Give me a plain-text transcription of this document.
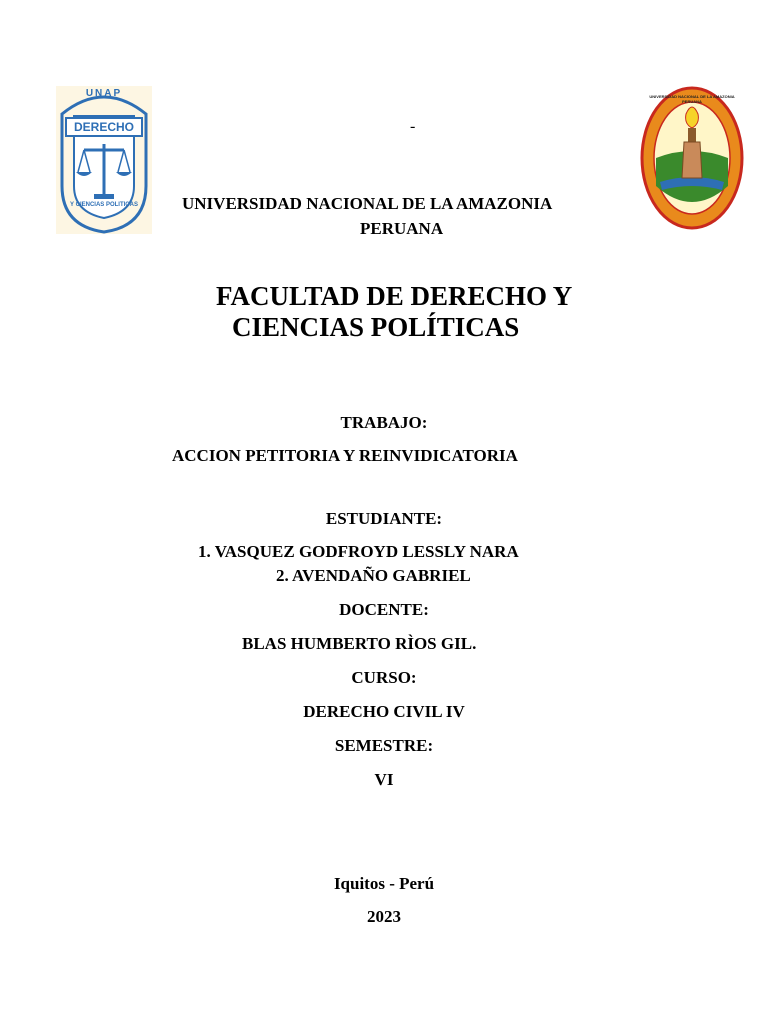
UNAP
DERECHO
Y CIENCIAS POLITICAS
-
UNIVERSIDAD NACIONAL DE LA AMAZONIA PERUANA
UNIVERSIDAD NACIONAL DE LA AMAZONIA
PERUANA
FACULTAD DE DERECHO Y
CIENCIAS POLÍTICAS
TRABAJO:
ACCION PETITORIA Y REINVIDICATORIA
ESTUDIANTE:
1. VASQUEZ GODFROYD LESSLY NARA
2. AVENDAÑO GABRIEL
DOCENTE:
BLAS HUMBERTO RÌOS GIL.
CURSO:
DERECHO CIVIL IV
SEMESTRE:
VI
Iquitos - Perú
2023
